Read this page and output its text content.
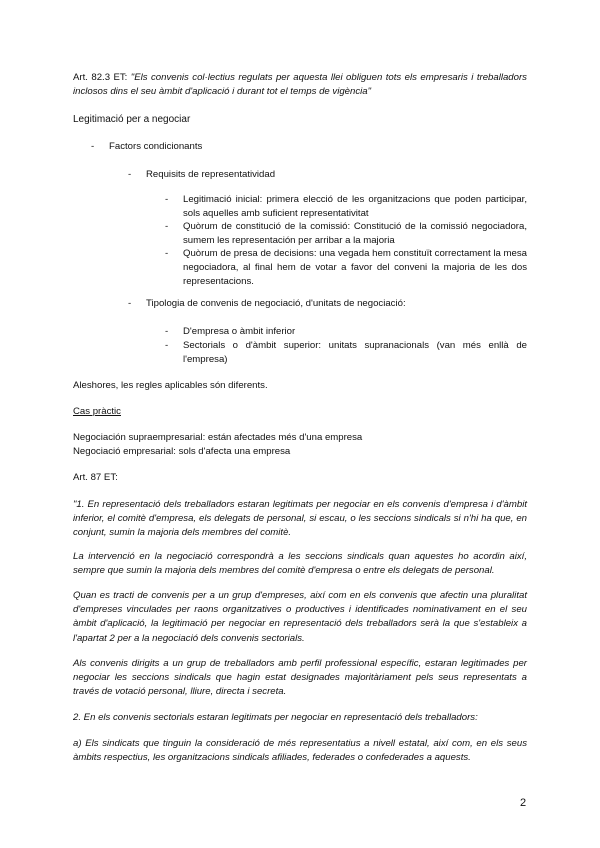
Art. 82.3 ET: "Els convenis col·lectius regulats per aquesta llei obliguen tots els empresaris i treballadors inclosos dins el seu àmbit d'aplicació i durant tot el temps de vigència"

Legitimació per a negociar

- Factors condicionants
- Requisits de representatividad
-	Legitimació inicial: primera elecció de les organitzacions que poden participar, sols aquelles amb suficient representativitat
-	Quòrum de constitució de la comissió: Constitució de la comissió negociadora, sumem les representación per arribar a la majoria
-	Quòrum de presa de decisions: una vegada hem constituït correctament la mesa negociadora, al final hem de votar a favor del conveni la majoria de les dos representacions.
- Tipologia de convenis de negociació, d'unitats de negociació:
-	D'empresa o àmbit inferior
-	Sectorials o d'àmbit superior: unitats supranacionals (van més enllà de l'empresa)

Aleshores, les regles aplicables són diferents.

Cas pràctic

Negociación supraempresarial: están afectades més d'una empresa

Negociació empresarial: sols d'afecta una empresa

Art. 87 ET:

"1. En representació dels treballadors estaran legitimats per negociar en els convenis d'empresa i d'àmbit inferior, el comitè d'empresa, els delegats de personal, si escau, o les seccions sindicals si n'hi ha que, en conjunt, sumin la majoria dels membres del comitè.

La intervenció en la negociació correspondrà a les seccions sindicals quan aquestes ho acordin així, sempre que sumin la majoria dels membres del comitè d'empresa o entre els delegats de personal.

Quan es tracti de convenis per a un grup d'empreses, així com en els convenis que afectin una pluralitat d'empreses vinculades per raons organitzatives o productives i identificades nominativament en el seu àmbit d'aplicació, la legitimació per negociar en representació dels treballadors serà la que s'estableix a l'apartat 2 per a la negociació dels convenis sectorials.

Als convenis dirigits a un grup de treballadors amb perfil professional específic, estaran legitimades per negociar les seccions sindicals que hagin estat designades majoritàriament pels seus representats a través de votació personal, lliure, directa i secreta.

2. En els convenis sectorials estaran legitimats per negociar en representació dels treballadors:

a) Els sindicats que tinguin la consideració de més representatius a nivell estatal, així com, en els seus àmbits respectius, les organitzacions sindicals afiliades, federades o confederades a aquests.

2
